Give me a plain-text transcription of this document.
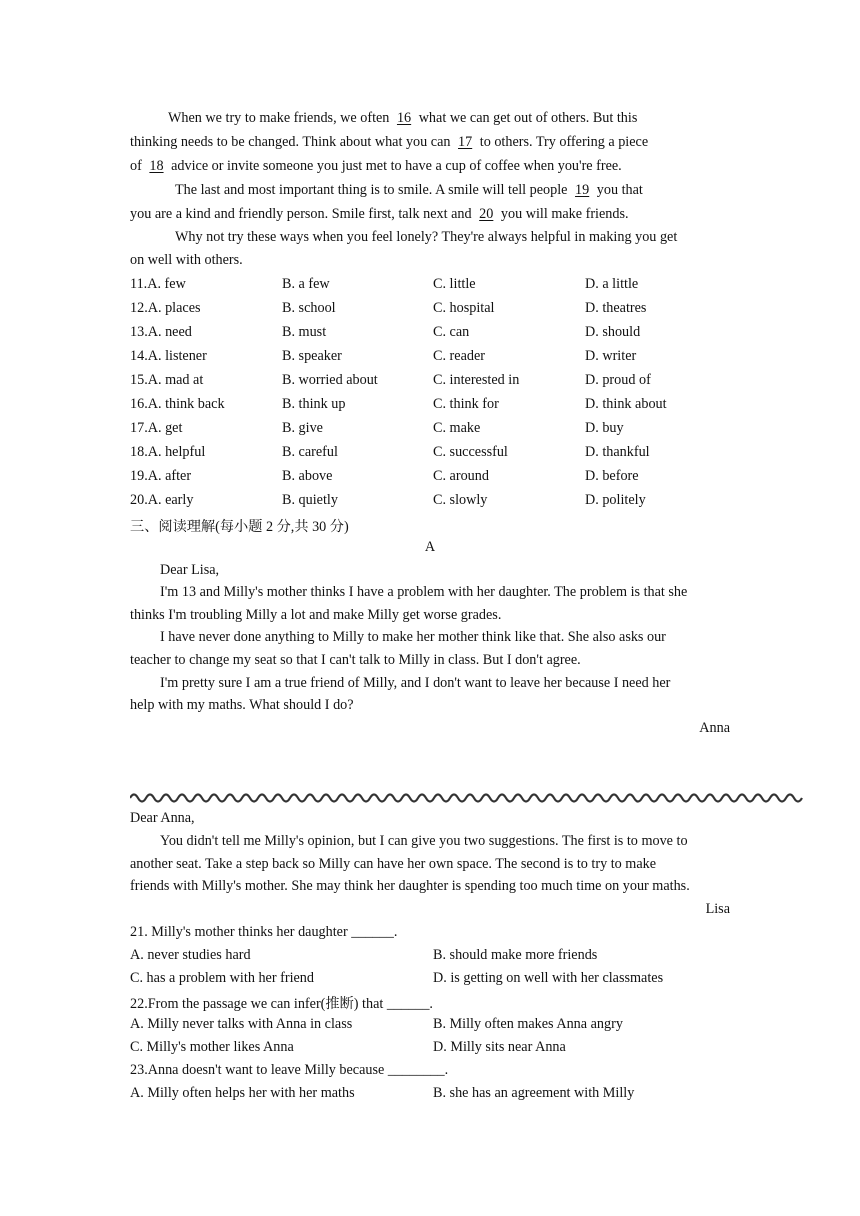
When we try to make friends, we often 16 what we can get out of others. But this
thinking needs to be changed. Think about what you can 17 to others. Try offering a piece
of 18 advice or invite someone you just met to have a cup of coffee when you're free.
The last and most important thing is to smile. A smile will tell people 19 you that
you are a kind and friendly person. Smile first, talk next and 20 you will make friends.
Why not try these ways when you feel lonely? They're always helpful in making you get
on well with others.
11.A. few	B. a few	C. little	D. a little
12.A. places	B. school	C. hospital	D. theatres
13.A. need	B. must	C. can	D. should
14.A. listener	B. speaker	C. reader	D. writer
15.A. mad at	B. worried about	C. interested in	D. proud of
16.A. think back	B. think up	C. think for	D. think about
17.A. get	B. give	C. make	D. buy
18.A. helpful	B. careful	C. successful	D. thankful
19.A. after	B. above	C. around	D. before
20.A. early	B. quietly	C. slowly	D. politely
三、阅读理解(每小题 2 分,共 30 分)
A
Dear Lisa,
I'm 13 and Milly's mother thinks I have a problem with her daughter. The problem is that she
thinks I'm troubling Milly a lot and make Milly get worse grades.
I have never done anything to Milly to make her mother think like that. She also asks our
teacher to change my seat so that I can't talk to Milly in class. But I don't agree.
I'm pretty sure I am a true friend of Milly, and I don't want to leave her because I need her
help with my maths. What should I do?
Anna
Dear Anna,
You didn't tell me Milly's opinion, but I can give you two suggestions. The first is to move to
another seat. Take a step back so Milly can have her own space. The second is to try to make
friends with Milly's mother. She may think her daughter is spending too much time on your maths.
Lisa
21. Milly's mother thinks her daughter ______.
A. never studies hard	B. should make more friends
C. has a problem with her friend	D. is getting on well with her classmates
22.From the passage we can infer(推断) that ______.
A. Milly never talks with Anna in class	B. Milly often makes Anna angry
C. Milly's mother likes Anna	D. Milly sits near Anna
23.Anna doesn't want to leave Milly because ________.
A. Milly often helps her with her maths	B. she has an agreement with Milly
